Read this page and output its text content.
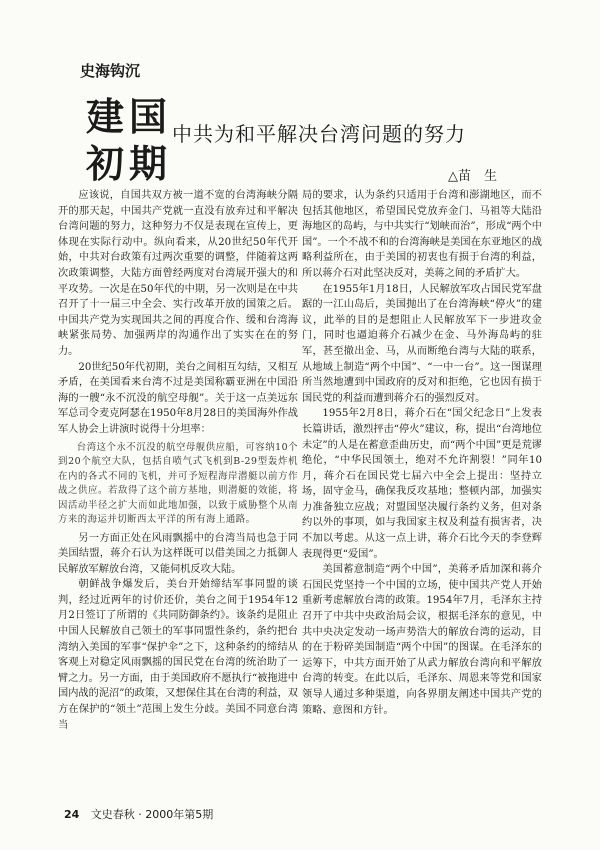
史海钩沉
建国
初期
中共为和平解决台湾问题的努力
△苗　生

应该说，自国共双方被一道不宽的台湾海峡分隔开的那天起，中国共产党就一直没有放弃过和平解决台湾问题的努力，这种努力不仅是表现在宣传上，更体现在实际行动中。纵向看来，从20世纪50年代开始，中共对台政策有过两次重要的调整，伴随着这两次政策调整，大陆方面曾经两度对台湾展开强大的和平攻势。一次是在50年代的中期，另一次则是在中共召开了十一届三中全会、实行改革开放的国策之后。中国共产党为实现国共之间的再度合作、缓和台湾海峡紧张局势、加强两岸的沟通作出了实实在在的努力。

20世纪50年代初期，美台之间相互勾结，又相互矛盾，在美国看来台湾不过是美国称霸亚洲在中国沿海的一艘“永不沉没的航空母舰”。关于这一点美远东军总司令麦克阿瑟在1950年8月28日的美国海外作战军人协会上讲演时说得十分坦率：

台湾这个永不沉没的航空母舰供应船，可容纳10个到20个航空大队，包括自喷气式飞机到B-29型轰炸机在内的各式不同的飞机，并可予短程海岸潜艇以前方作战之供应。若敌得了这个前方基地，则潜艇的效能，将因活动半径之扩大而如此地加强，以致于威胁整个从南方来的海运并切断西太平洋的所有海上通路。

另一方面正处在风雨飘摇中的台湾当局也急于同美国结盟，蒋介石认为这样既可以借美国之力抵御人民解放军解放台湾，又能伺机反攻大陆。

朝鲜战争爆发后，美台开始缔结军事同盟的谈判，经过近两年的讨价还价，美台之间于1954年12月2日签订了所谓的《共同防御条约》。该条约是阻止中国人民解放自己领土的军事同盟性条约，条约把台湾纳入美国的军事“保护伞”之下，这种条约的缔结从客观上对稳定风雨飘摇的国民党在台湾的统治助了一臂之力。另一方面，由于美国政府不愿执行“被拖进中国内战的泥沼”的政策，又想保住其在台湾的利益，双方在保护的“领土”范围上发生分歧。美国不同意台湾当

局的要求，认为条约只适用于台湾和澎湖地区，而不包括其他地区，希望国民党放弃金门、马祖等大陆沿海地区的岛屿，与中共实行“划峡而治”，形成“两个中国”。一个不战不和的台湾海峡是美国在东亚地区的战略利益所在，由于美国的初衷也有损于台湾的利益，所以蒋介石对此坚决反对，美蒋之间的矛盾扩大。

在1955年1月18日，人民解放军攻占国民党军盘踞的一江山岛后，美国抛出了在台湾海峡“停火”的建议，此举的目的是想阻止人民解放军下一步进攻金门，同时也逼迫蒋介石减少在金、马外海岛屿的驻军，甚至撤出金、马，从而断绝台湾与大陆的联系，从地域上制造“两个中国”、“一中一台”。这一图谋理所当然地遭到中国政府的反对和拒绝，它也因有损于国民党的利益而遭到蒋介石的强烈反对。

1955年2月8日，蒋介石在“国父纪念日”上发表长篇讲话，激烈抨击“停火”建议，称，提出“台湾地位未定”的人是在蓄意歪曲历史，而“两个中国”更是荒谬绝伦，“中华民国领土，绝对不允许割裂！”同年10月，蒋介石在国民党七届六中全会上提出：坚持立场，固守金马，确保我反攻基地；整顿内部，加强实力准备独立应战；对盟国坚决履行条约义务，但对条约以外的事项，如与我国家主权及利益有损害者，决不加以考虑。从这一点上讲，蒋介石比今天的李登辉表现得更“爱国”。

美国蓄意制造“两个中国”，美蒋矛盾加深和蒋介石国民党坚持一个中国的立场，使中国共产党人开始重新考虑解放台湾的政策。1954年7月，毛泽东主持召开了中共中央政治局会议，根据毛泽东的意见，中共中央决定发动一场声势浩大的解放台湾的运动，目的在于粉碎美国制造“两个中国”的图谋。在毛泽东的运筹下，中共方面开始了从武力解放台湾向和平解放台湾的转变。在此以后，毛泽东、周恩来等党和国家领导人通过多种渠道，向各界朋友阐述中国共产党的策略、意图和方针。

24 文史春秋 · 2000年第5期
